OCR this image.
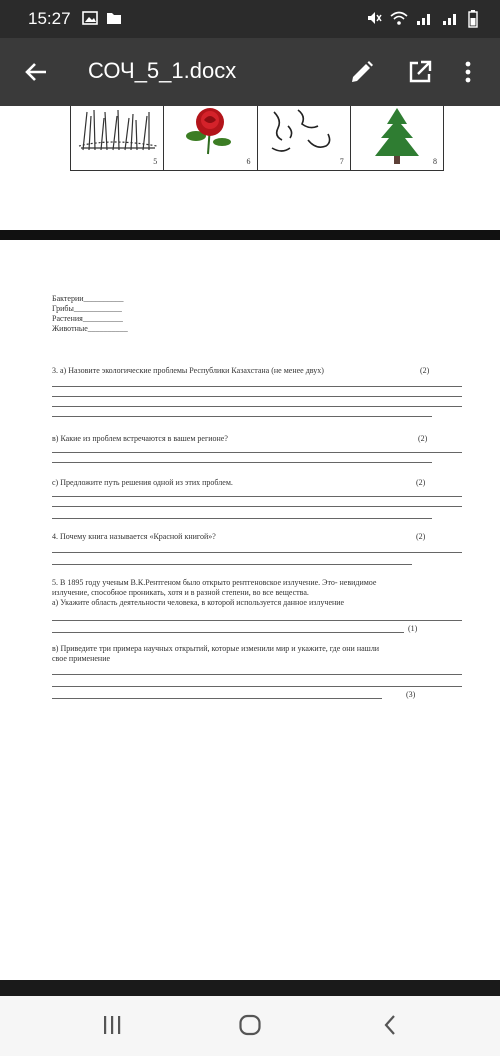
15:27
СОЧ_5_1.docx
5	6	7	8
Бактерии__________
Грибы____________
Растения__________
Животные__________
3. а) Назовите экологические проблемы Республики Казахстана (не менее двух)	(2)
в) Какие из проблем встречаются в вашем регионе?	(2)
с) Предложите путь решения одной из этих проблем.	(2)
4. Почему книга называется «Красной книгой»?	(2)
5. В 1895 году ученым В.К.Рентгеном было открыто рентгеновское излучение. Это- невидимое
излучение, способное проникать, хотя и в разной степени, во все вещества.
а) Укажите область деятельности человека, в которой используется данное излучение
(1)
в) Приведите три примера научных открытий, которые изменили мир и укажите, где они нашли
свое применение
(3)
